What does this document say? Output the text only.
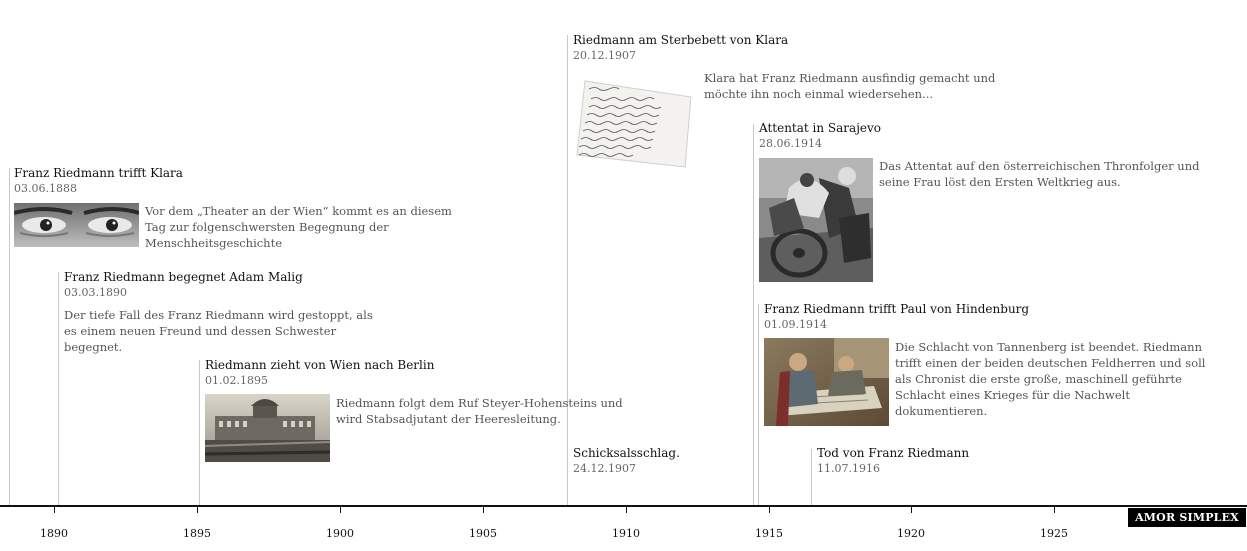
Franz Riedmann trifft Klara
03.06.1888
Vor dem „Theater an der Wien“ kommt es an diesem Tag zur folgenschwersten Begegnung der Menschheitsgeschichte
Franz Riedmann begegnet Adam Malig
03.03.1890
Der tiefe Fall des Franz Riedmann wird gestoppt, als es einem neuen Freund und dessen Schwester begegnet.
Riedmann zieht von Wien nach Berlin
01.02.1895
Riedmann folgt dem Ruf Steyer-Hohensteins und wird Stabsadjutant der Heeresleitung.
Riedmann am Sterbebett von Klara
20.12.1907
Klara hat Franz Riedmann ausfindig gemacht und möchte ihn noch einmal wiedersehen...
Schicksalsschlag.
24.12.1907
Attentat in Sarajevo
28.06.1914
Das Attentat auf den österreichischen Thronfolger und seine Frau löst den Ersten Weltkrieg aus.
Franz Riedmann trifft Paul von Hindenburg
01.09.1914
Die Schlacht von Tannenberg ist beendet. Riedmann trifft einen der beiden deutschen Feldherren und soll als Chronist die erste große, maschinell geführte Schlacht eines Krieges für die Nachwelt dokumentieren.
Tod von Franz Riedmann
11.07.1916
1890	1895	1900	1905	1910	1915	1920	1925
AMOR SIMPLEX
